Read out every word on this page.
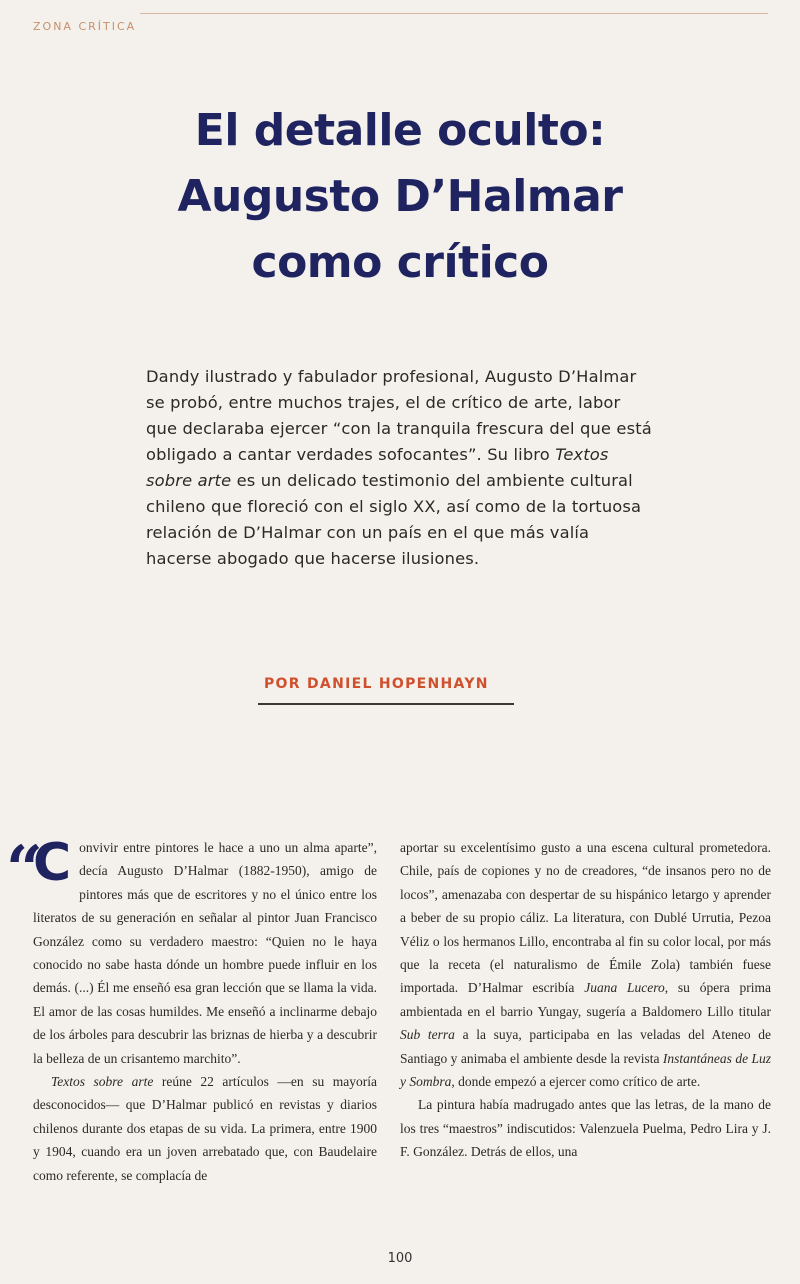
ZONA CRÍTICA
El detalle oculto:
Augusto D’Halmar
como crítico

Dandy ilustrado y fabulador profesional, Augusto D’Halmar se probó, entre muchos trajes, el de crítico de arte, labor que declaraba ejercer “con la tranquila frescura del que está obligado a cantar verdades sofocantes”. Su libro Textos sobre arte es un delicado testimonio del ambiente cultural chileno que floreció con el siglo XX, así como de la tortuosa relación de D’Halmar con un país en el que más valía hacerse abogado que hacerse ilusiones.

POR DANIEL HOPENHAYN
“

Convivir entre pintores le hace a uno un alma aparte”, decía Augusto D’Halmar (1882-1950), amigo de pintores más que de escritores y no el único entre los literatos de su generación en señalar al pintor Juan Francisco González como su verdadero maestro: “Quien no le haya conocido no sabe hasta dónde un hombre puede influir en los demás. (...) Él me enseñó esa gran lección que se llama la vida. El amor de las cosas humildes. Me enseñó a inclinarme debajo de los árboles para descubrir las briznas de hierba y a descubrir la belleza de un crisantemo marchito”.

Textos sobre arte reúne 22 artículos —en su mayoría desconocidos— que D’Halmar publicó en revistas y diarios chilenos durante dos etapas de su vida. La primera, entre 1900 y 1904, cuando era un joven arrebatado que, con Baudelaire como referente, se complacía de

aportar su excelentísimo gusto a una escena cultural prometedora. Chile, país de copiones y no de creadores, “de insanos pero no de locos”, amenazaba con despertar de su hispánico letargo y aprender a beber de su propio cáliz. La literatura, con Dublé Urrutia, Pezoa Véliz o los hermanos Lillo, encontraba al fin su color local, por más que la receta (el naturalismo de Émile Zola) también fuese importada. D’Halmar escribía Juana Lucero, su ópera prima ambientada en el barrio Yungay, sugería a Baldomero Lillo titular Sub terra a la suya, participaba en las veladas del Ateneo de Santiago y animaba el ambiente desde la revista Instantáneas de Luz y Sombra, donde empezó a ejercer como crítico de arte.

La pintura había madrugado antes que las letras, de la mano de los tres “maestros” indiscutidos: Valenzuela Puelma, Pedro Lira y J. F. González. Detrás de ellos, una

100
